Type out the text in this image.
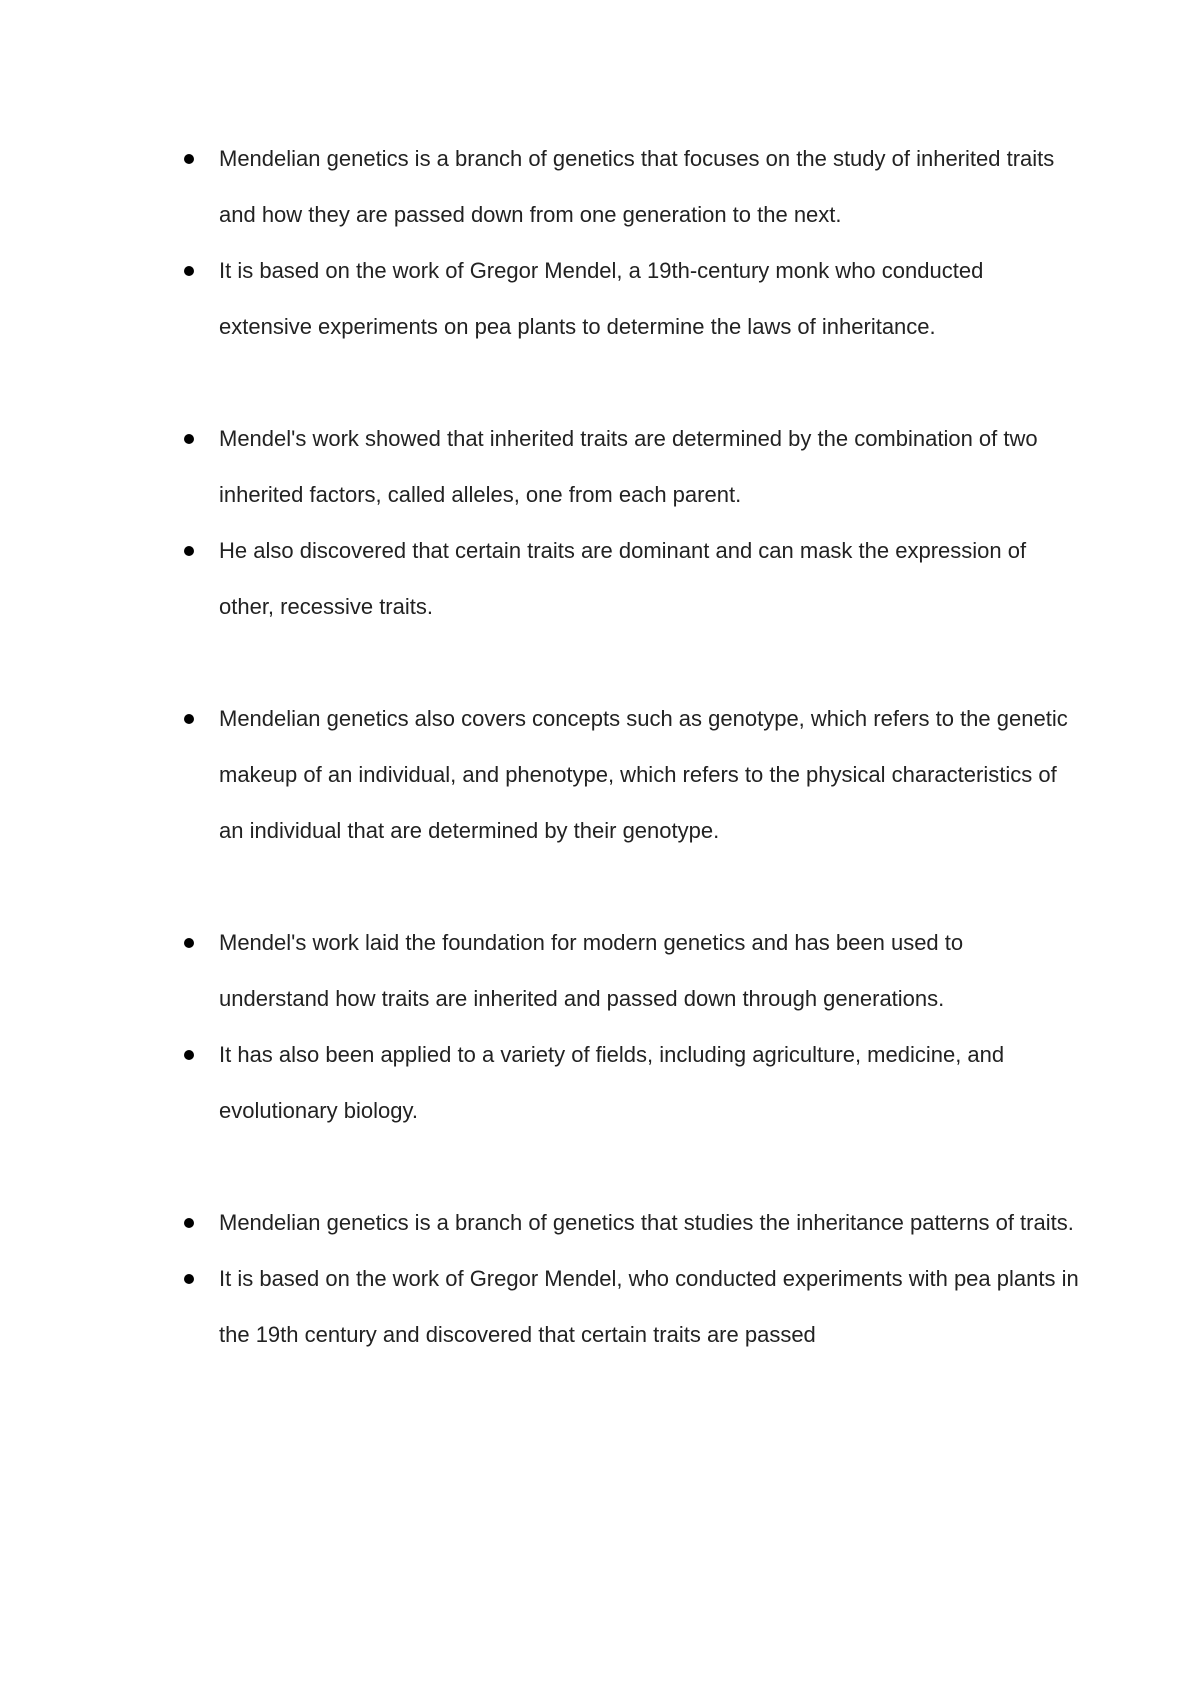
Mendelian genetics is a branch of genetics that focuses on the study of inherited traits and how they are passed down from one generation to the next.
It is based on the work of Gregor Mendel, a 19th-century monk who conducted extensive experiments on pea plants to determine the laws of inheritance.
Mendel's work showed that inherited traits are determined by the combination of two inherited factors, called alleles, one from each parent.
He also discovered that certain traits are dominant and can mask the expression of other, recessive traits.
Mendelian genetics also covers concepts such as genotype, which refers to the genetic makeup of an individual, and phenotype, which refers to the physical characteristics of an individual that are determined by their genotype.
Mendel's work laid the foundation for modern genetics and has been used to understand how traits are inherited and passed down through generations.
It has also been applied to a variety of fields, including agriculture, medicine, and evolutionary biology.
Mendelian genetics is a branch of genetics that studies the inheritance patterns of traits.
It is based on the work of Gregor Mendel, who conducted experiments with pea plants in the 19th century and discovered that certain traits are passed
